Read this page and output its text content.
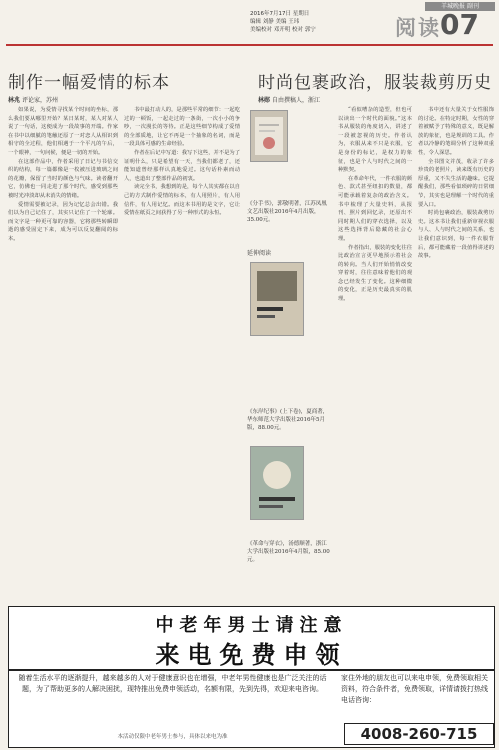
羊城晚报 副刊
2016年7月17日 星期日
编辑 刘静 美编 王玮
美编校对 邓开明 校对 郭宁	阅读 07
制作一幅爱情的标本
林兆 评论家，苏州

如果说，为爱情寻找某个时间的坐标，那么我们要从哪里开始？某日某时，某人对某人说了一句话，这便成为一段故事的开端。作家在书中以细腻的笔触还原了一对恋人从相识到相守的全过程，他们相遇于一个平凡的午后，一个眼神，一句问候，便是一切的开始。

在这部作品中，作者采用了日记与书信交织的结构，每一篇都像是一枚被压进玻璃之间的花瓣，保留了当时的颜色与气味。读者翻开它，仿佛也一同走进了那个时代，感受到那些被时光冲淡却从未消失的情绪。

爱情需要被记录，因为记忆总会出错。我们以为自己记住了，其实只记住了一个轮廓。而文字是一种更可靠的容器，它将那些转瞬即逝的感受固定下来，成为可以反复翻阅的标本。

书中最打动人的，是那些平常的细节：一起吃过的一顿饭，一起走过的一条街，一次小小的争吵，一次漫长的等待。正是这些细节构成了爱情的全部质地，让它不再是一个抽象的名词，而是一段具体可感的生命经验。

作者在后记中写道：我写下这些，并不是为了证明什么，只是希望有一天，当我们都老了，还能知道曾经那样认真地爱过。这句话朴素而动人，也道出了整部作品的初衷。

读完全书，我想到的是，每个人其实都在以自己的方式制作爱情的标本，有人用照片，有人用信件，有人用记忆。而这本书用的是文字，它让爱情在纸页之间获得了另一种形式的永恒。

《分手书》，郭敬明著，江苏凤凰文艺出版社2016年4月出版，35.00元。
延伸阅读
《东岸纪事》(上下卷)，夏商著，华东师范大学出版社2016年5月版，88.00元。
《革命与穿衣》，汤德顺著，浙江大学出版社2016年4月版，85.00元。
时尚包裹政治，服装裁剪历史
林郧 自由撰稿人，浙江

“看似嘈杂的造型，但也可以读出一个时代的面貌。”这本书从服装的角度切入，讲述了一段被忽视的历史。作者认为，衣服从来不只是衣服，它是身份的标记，是权力的象征，也是个人与时代之间的一种默契。

在革命年代，一件衣服的颜色、款式甚至纽扣的数量，都可能承载着复杂的政治含义。书中梳理了大量史料，从报刊、照片到回忆录，还原出不同时期人们的穿衣选择，以及这些选择背后隐藏的社会心理。

作者指出，服装的变化往往比政治宣言更早地预示着社会的转向。当人们开始悄悄改变穿着时，往往意味着他们的观念已经发生了变化。这种细微的变化，正是历史最真实的肌理。

书中还有大量关于女性服饰的讨论。在特定时期，女性的穿着被赋予了特殊的意义，既是解放的象征，也是规训的工具。作者以冷静的笔调分析了这种双重性，令人深思。

全书图文并茂，收录了许多珍贵的老照片，读来既有历史的厚重，又不失生活的趣味。它提醒我们，那些看似琐碎的日常细节，其实也是理解一个时代的重要入口。

时尚包裹政治，服装裁剪历史。这本书让我们重新审视衣服与人、人与时代之间的关系，也让我们意识到，每一件衣服背后，都可能藏着一段值得讲述的故事。

中老年男士请注意
来电免费申领
随着生活水平的逐渐提升，越来越多的人对于健康意识也在增强，中老年男性健康也是广泛关注的话题，为了帮助更多的人解决困扰，现特推出免费申领活动，名额有限，先到先得，欢迎来电咨询。
家住外地的朋友也可以来电申领，免费领取相关资料，符合条件者，免费领取，详情请拨打热线电话咨询：
4008-260-715
本活动仅限中老年男士参与，具体以来电为准
